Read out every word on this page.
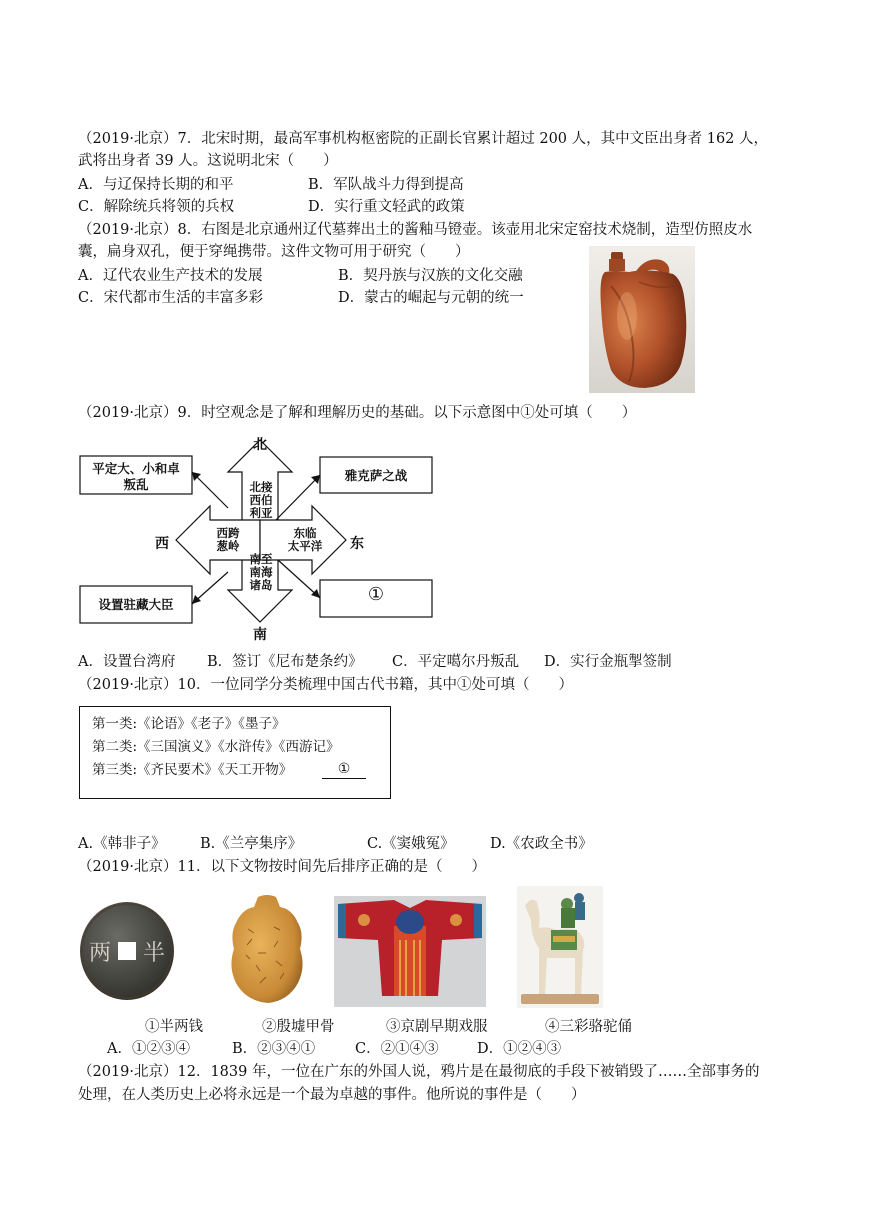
（2019·北京）7．北宋时期，最高军事机构枢密院的正副长官累计超过 200 人，其中文臣出身者 162 人，
武将出身者 39 人。这说明北宋（　　）
A．与辽保持长期的和平	B．军队战斗力得到提高
C．解除统兵将领的兵权	D．实行重文轻武的政策
（2019·北京）8．右图是北京通州辽代墓葬出土的酱釉马镫壶。该壶用北宋定窑技术烧制，造型仿照皮水
囊，扁身双孔，便于穿绳携带。这件文物可用于研究（　　）
A．辽代农业生产技术的发展	B．契丹族与汉族的文化交融
C．宋代都市生活的丰富多彩	D．蒙古的崛起与元朝的统一
（2019·北京）9．时空观念是了解和理解历史的基础。以下示意图中①处可填（　　）
北
南
西	东
平定大、小和卓
叛乱
雅克萨之战
设置驻藏大臣	①
北接
西伯
利亚
西跨
葱岭
东临
太平洋
南至
南海
诸岛
A．设置台湾府 B．签订《尼布楚条约》 C．平定噶尔丹叛乱 D．实行金瓶掣签制
（2019·北京）10．一位同学分类梳理中国古代书籍，其中①处可填（　　）
第一类:《论语》《老子》《墨子》
第二类:《三国演义》《水浒传》《西游记》
第三类:《齐民要术》《天工开物》	①
A.《韩非子》 B.《兰亭集序》	C.《窦娥冤》 D.《农政全书》
（2019·北京）11．以下文物按时间先后排序正确的是（　　）
两 半
①半两钱	②殷墟甲骨	③京剧早期戏服	④三彩骆驼俑
A．①②③④	B．②③④①	C．②①④③	D．①②④③
（2019·北京）12．1839 年，一位在广东的外国人说，鸦片是在最彻底的手段下被销毁了……全部事务的
处理，在人类历史上必将永远是一个最为卓越的事件。他所说的事件是（　　）
